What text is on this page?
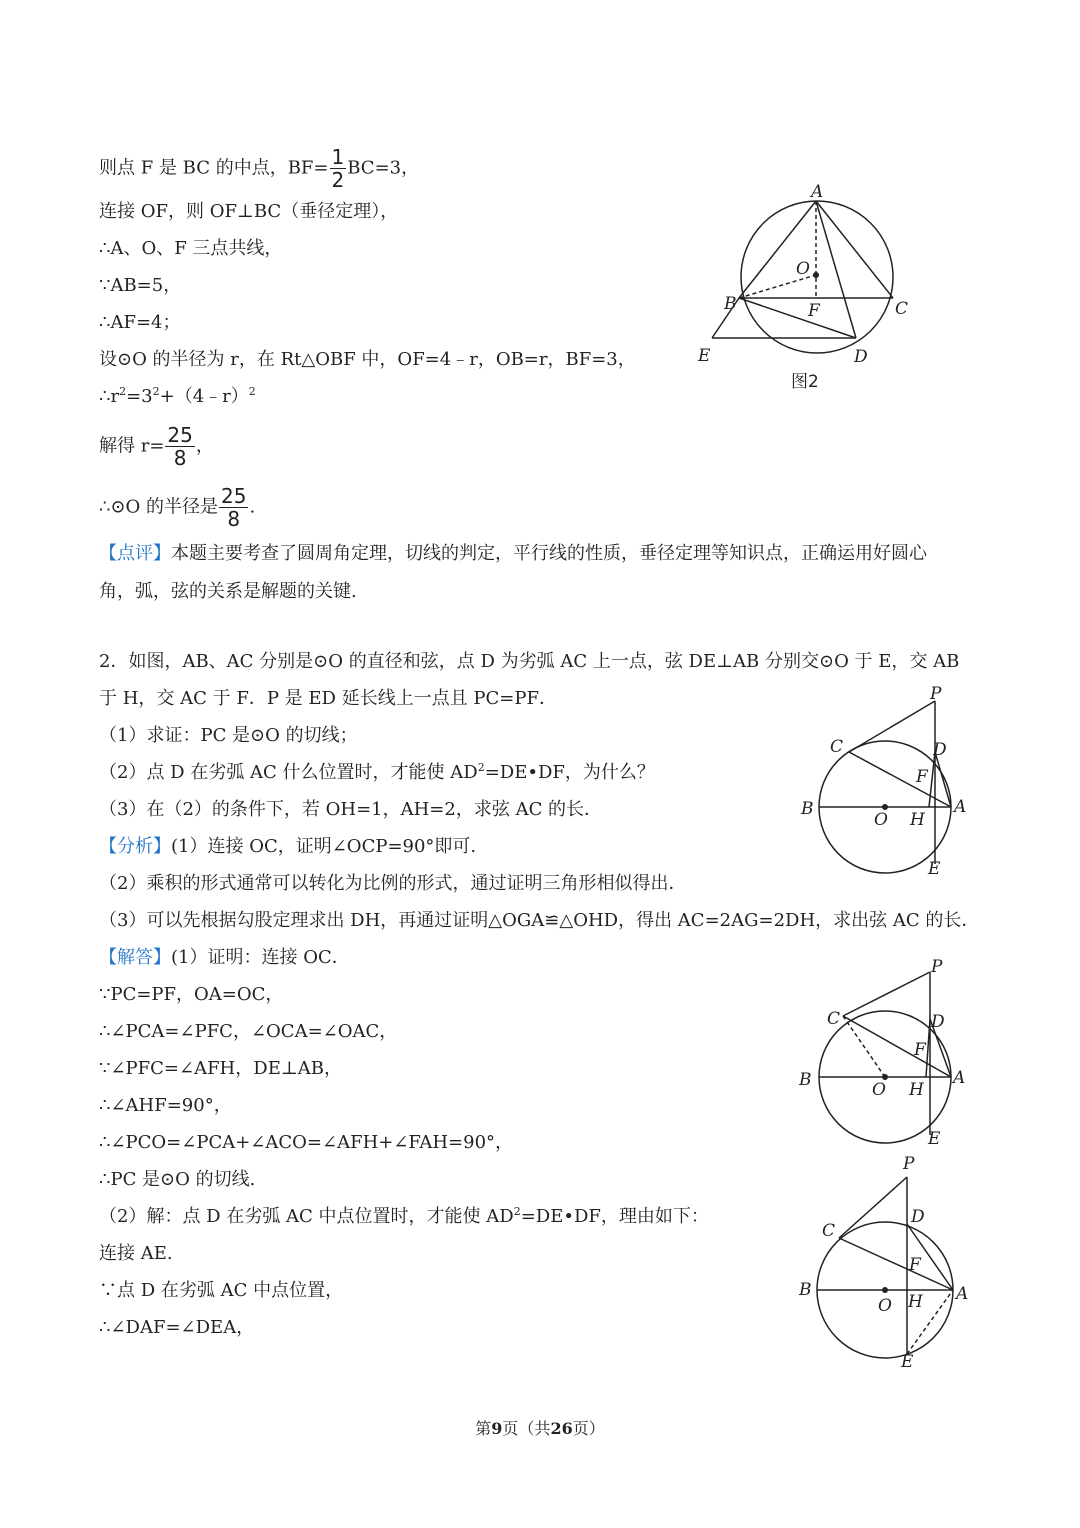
则点 F 是 BC 的中点，$BF= \frac{1}{2} BC=3$，
连接 OF，则 OF⊥BC（垂径定理），
∴A、O、F 三点共线，
∵AB=5，
∴AF=4；
设⊙O 的半径为 r，在 Rt△OBF 中，OF=4﹣r，OB=r，BF=3，
$\therefore r^2=3^2+(4﹣r)^2$
解得 $r= \frac{25}{8}$ ，
∴⊙O 的半径是 $\frac{25}{8}$ .
【点评】本题主要考查了圆周角定理，切线的判定，平行线的性质，垂径定理等知识点，正确运用好圆心
角，弧，弦的关系是解题的关键.
2．如图，AB、AC 分别是⊙O 的直径和弦，点 D 为劣弧 AC 上一点，弦 DE⊥AB 分别交⊙O 于 E，交 AB
于 H，交 AC 于 F．P 是 ED 延长线上一点且 PC=PF．
（1）求证：PC 是⊙O 的切线；
（2）点 D 在劣弧 AC 什么位置时，才能使 $AD^2=DE•DF$，为什么？
（3）在（2）的条件下，若 OH=1，AH=2，求弦 AC 的长．
【分析】(1）连接 OC，证明∠OCP=90°即可.
（2）乘积的形式通常可以转化为比例的形式，通过证明三角形相似得出．
（3）可以先根据勾股定理求出 DH，再通过证明△OGA≌△OHD，得出 AC=2AG=2DH，求出弦 AC 的长．
【解答】(1）证明：连接 OC．
∵PC=PF，OA=OC，
∴∠PCA=∠PFC，∠OCA=∠OAC，
∵∠PFC=∠AFH，DE⊥AB，
∴∠AHF=90°，
∴∠PCO=∠PCA+∠ACO=∠AFH+∠FAH=90°，
∴PC 是⊙O 的切线.
（2）解：点 D 在劣弧 AC 中点位置时，才能使 $AD^2=DE•DF$，理由如下：
连接 AE.
∵点 D 在劣弧 AC 中点位置，
∴∠DAF=∠DEA，
A
O
B	F	C
E	D
图2
P
C	D
F
B
O H
A
E
P
C	D
F
B	O H
A
E
P
C
D
F
B
O H A
E
第9页（共26页）
